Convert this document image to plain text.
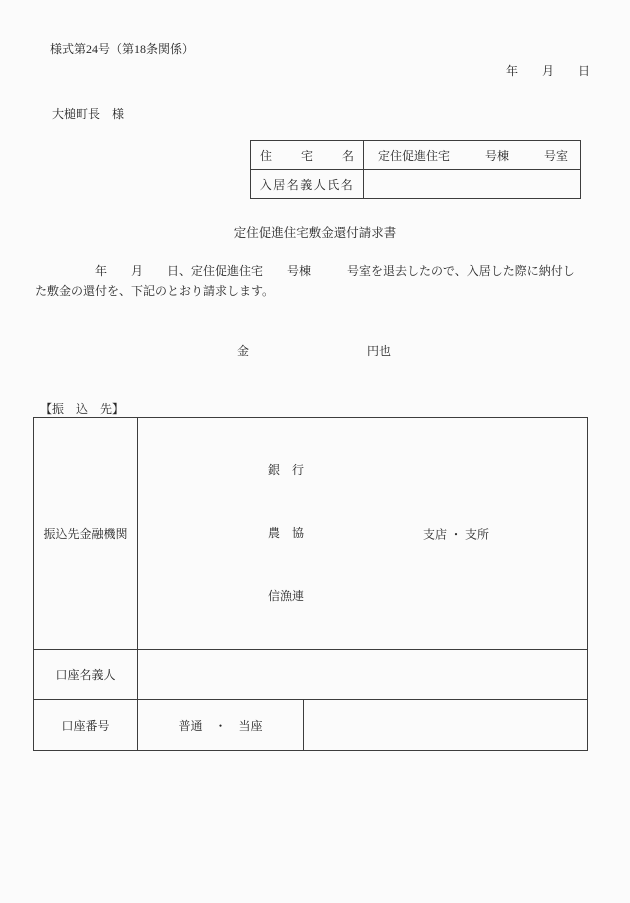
様式第24号（第18条関係）
年　　月　　日
大槌町長　様
住 宅 名	定住促進住宅 号棟 号室

入居名義人氏名	
定住促進住宅敷金還付請求書
　　　　　年　　月　　日、定住促進住宅　　号棟　　　号室を退去したので、入居した際に納付し
た敷金の還付を、下記のとおり請求します。
金	円也
【振　込　先】
振込先金融機関	銀　行

農　協

信漁連

支店 ・ 支所	

口座名義人		
口座番号	普通　・　当座	
